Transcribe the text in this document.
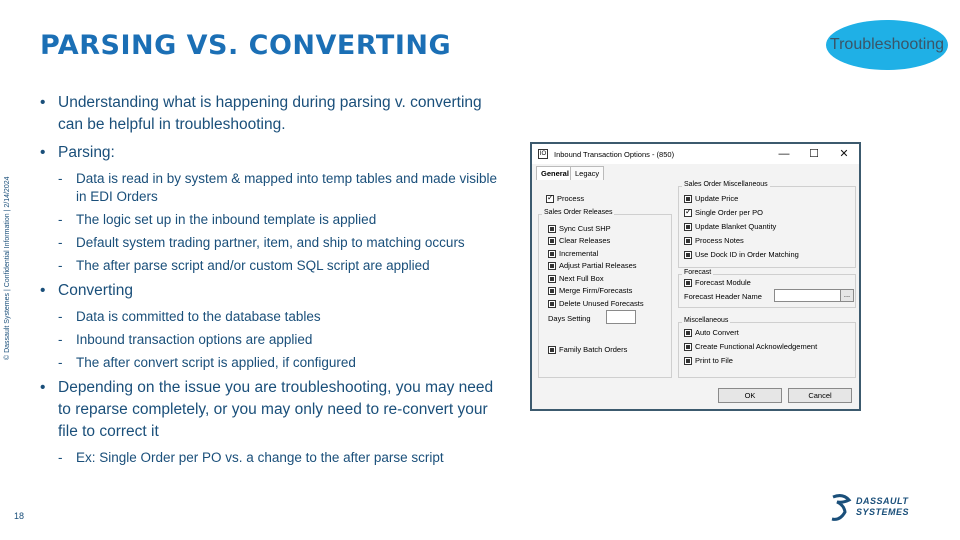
PARSING VS. CONVERTING	Troubleshooting
© Dassault Systemes | Confidential Information | 2/14/2024
18
• Understanding what is happening during parsing v. converting can be helpful in troubleshooting.
• Parsing:
- Data is read in by system & mapped into temp tables and made visible in EDI Orders
- The logic set up in the inbound template is applied
- Default system trading partner, item, and ship to matching occurs
- The after parse script and/or custom SQL script are applied
• Converting
- Data is committed to the database tables
- Inbound transaction options are applied
- The after convert script is applied, if configured
• Depending on the issue you are troubleshooting, you may need to reparse completely, or you may only need to re-convert your file to correct it
- Ex: Single Order per PO vs. a change to the after parse script
IO Inbound Transaction Options - (850)	—	☐	✕
General Legacy
✓
Process
Sales Order Releases
Sync Cust SHP
Clear Releases
Incremental
Adjust Partial Releases
Next Full Box
Merge Firm/Forecasts
Delete Unused Forecasts
Days Setting
Family Batch Orders
Sales Order Miscellaneous
Update Price
✓
Single Order per PO
Update Blanket Quantity
Process Notes
Use Dock ID in Order Matching
Forecast
Forecast Module
Forecast Header Name	...
Miscellaneous
Auto Convert
Create Functional Acknowledgement
Print to File
OK	Cancel
DASSAULT
SYSTEMES
